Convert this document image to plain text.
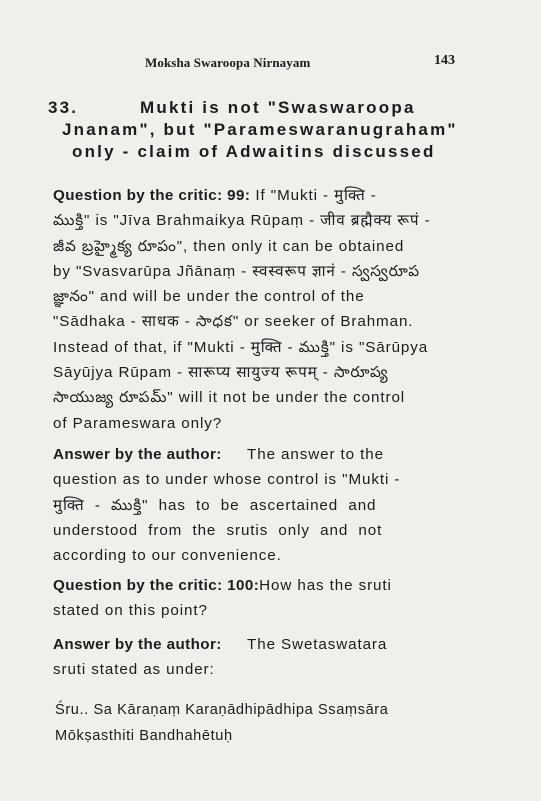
Moksha Swaroopa Nirnayam	143
33.	Mukti is not "Swaswaroopa
Jnanam", but "Parameswaranugraham"
only - claim of Adwaitins discussed
Question by the critic: 99: If "Mukti - मुक्ति -
ముక్తి" is "Jīva Brahmaikya Rūpaṃ - जीव ब्रह्मैक्य रूपं -
జీవ బ్రహ్మైక్య రూపం", then only it can be obtained
by "Svasvarūpa Jñānaṃ - स्वस्वरूप ज्ञानं - స్వస్వరూప
జ్ఞానం" and will be under the control of the
"Sādhaka - साधक - సాధక" or seeker of Brahman.
Instead of that, if "Mukti - मुक्ति - ముక్తి" is "Sārūpya
Sāyūjya Rūpam - सारूप्य सायुज्य रूपम् - సారూప్య
సాయుజ్య రూపమ్" will it not be under the control
of Parameswara only?
Answer by the author:     The answer to the
question as to under whose control is "Mukti -
मुक्ति  -  ముక్తి"  has  to  be  ascertained  and
understood  from  the  srutis  only  and  not
according to our convenience.
Question by the critic: 100:How has the sruti
stated on this point?
Answer by the author:     The Swetaswatara
sruti stated as under:
Śru.. Sa Kāraṇaṃ Karaṇādhipādhipa Ssaṃsāra
Mōkṣasthiti Bandhahētuḥ
